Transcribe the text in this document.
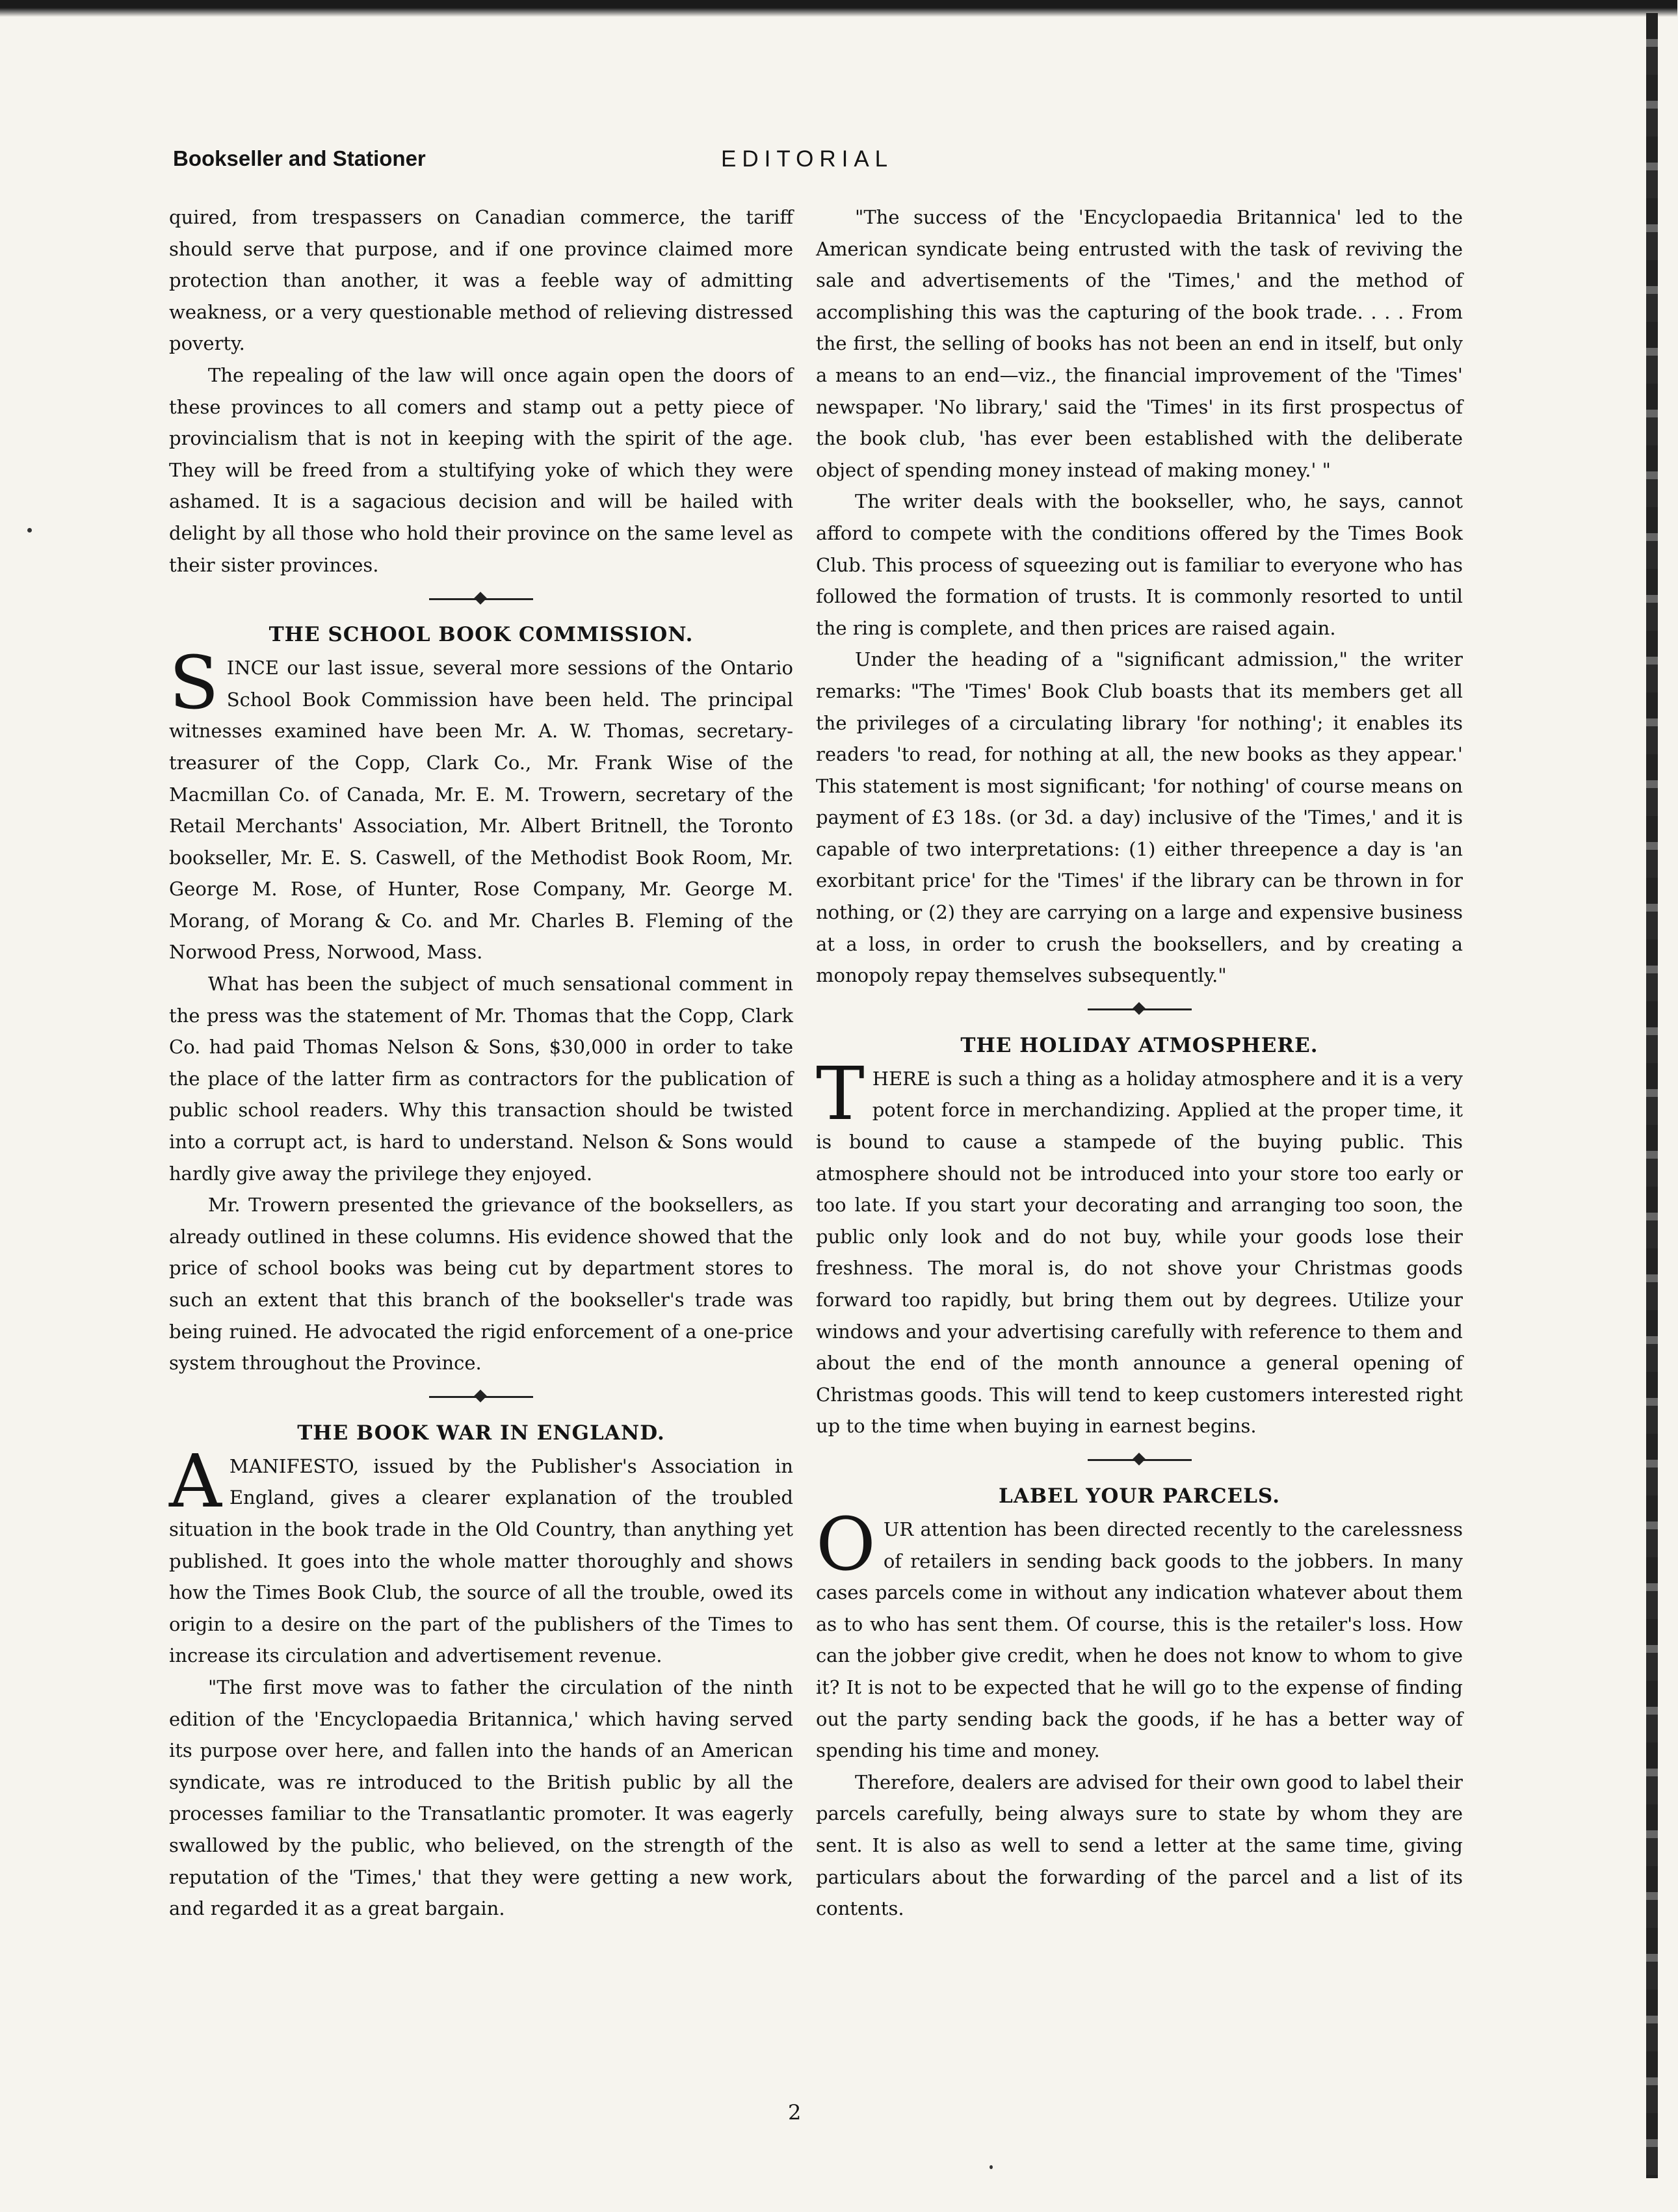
Bookseller and Stationer	EDITORIAL

quired, from trespassers on Canadian commerce, the tariff should serve that purpose, and if one province claimed more protection than another, it was a feeble way of admitting weakness, or a very questionable method of relieving distressed poverty.

The repealing of the law will once again open the doors of these provinces to all comers and stamp out a petty piece of provincialism that is not in keeping with the spirit of the age. They will be freed from a stultifying yoke of which they were ashamed. It is a sagacious decision and will be hailed with delight by all those who hold their province on the same level as their sister provinces.

THE SCHOOL BOOK COMMISSION.

SINCE our last issue, several more sessions of the Ontario School Book Commission have been held. The principal witnesses examined have been Mr. A. W. Thomas, secretary-treasurer of the Copp, Clark Co., Mr. Frank Wise of the Macmillan Co. of Canada, Mr. E. M. Trowern, secretary of the Retail Merchants' Association, Mr. Albert Britnell, the Toronto bookseller, Mr. E. S. Caswell, of the Methodist Book Room, Mr. George M. Rose, of Hunter, Rose Company, Mr. George M. Morang, of Morang & Co. and Mr. Charles B. Fleming of the Norwood Press, Norwood, Mass.

What has been the subject of much sensational comment in the press was the statement of Mr. Thomas that the Copp, Clark Co. had paid Thomas Nelson & Sons, $30,000 in order to take the place of the latter firm as contractors for the publication of public school readers. Why this transaction should be twisted into a corrupt act, is hard to understand. Nelson & Sons would hardly give away the privilege they enjoyed.

Mr. Trowern presented the grievance of the booksellers, as already outlined in these columns. His evidence showed that the price of school books was being cut by department stores to such an extent that this branch of the bookseller's trade was being ruined. He advocated the rigid enforcement of a one-price system throughout the Province.

THE BOOK WAR IN ENGLAND.

AMANIFESTO, issued by the Publisher's Association in England, gives a clearer explanation of the troubled situation in the book trade in the Old Country, than anything yet published. It goes into the whole matter thoroughly and shows how the Times Book Club, the source of all the trouble, owed its origin to a desire on the part of the publishers of the Times to increase its circulation and advertisement revenue.

"The first move was to father the circulation of the ninth edition of the 'Encyclopaedia Britannica,' which having served its purpose over here, and fallen into the hands of an American syndicate, was re introduced to the British public by all the processes familiar to the Transatlantic promoter. It was eagerly swallowed by the public, who believed, on the strength of the reputation of the 'Times,' that they were getting a new work, and regarded it as a great bargain.

"The success of the 'Encyclopaedia Britannica' led to the American syndicate being entrusted with the task of reviving the sale and advertisements of the 'Times,' and the method of accomplishing this was the capturing of the book trade. . . . From the first, the selling of books has not been an end in itself, but only a means to an end—viz., the financial improvement of the 'Times' newspaper. 'No library,' said the 'Times' in its first prospectus of the book club, 'has ever been established with the deliberate object of spending money instead of making money.' "

The writer deals with the bookseller, who, he says, cannot afford to compete with the conditions offered by the Times Book Club. This process of squeezing out is familiar to everyone who has followed the formation of trusts. It is commonly resorted to until the ring is complete, and then prices are raised again.

Under the heading of a "significant admission," the writer remarks: "The 'Times' Book Club boasts that its members get all the privileges of a circulating library 'for nothing'; it enables its readers 'to read, for nothing at all, the new books as they appear.' This statement is most significant; 'for nothing' of course means on payment of £3 18s. (or 3d. a day) inclusive of the 'Times,' and it is capable of two interpretations: (1) either threepence a day is 'an exorbitant price' for the 'Times' if the library can be thrown in for nothing, or (2) they are carrying on a large and expensive business at a loss, in order to crush the booksellers, and by creating a monopoly repay themselves subsequently."

THE HOLIDAY ATMOSPHERE.

THERE is such a thing as a holiday atmosphere and it is a very potent force in merchandizing. Applied at the proper time, it is bound to cause a stampede of the buying public. This atmosphere should not be introduced into your store too early or too late. If you start your decorating and arranging too soon, the public only look and do not buy, while your goods lose their freshness. The moral is, do not shove your Christmas goods forward too rapidly, but bring them out by degrees. Utilize your windows and your advertising carefully with reference to them and about the end of the month announce a general opening of Christmas goods. This will tend to keep customers interested right up to the time when buying in earnest begins.

LABEL YOUR PARCELS.

OUR attention has been directed recently to the carelessness of retailers in sending back goods to the jobbers. In many cases parcels come in without any indication whatever about them as to who has sent them. Of course, this is the retailer's loss. How can the jobber give credit, when he does not know to whom to give it? It is not to be expected that he will go to the expense of finding out the party sending back the goods, if he has a better way of spending his time and money.

Therefore, dealers are advised for their own good to label their parcels carefully, being always sure to state by whom they are sent. It is also as well to send a letter at the same time, giving particulars about the forwarding of the parcel and a list of its contents.

2
